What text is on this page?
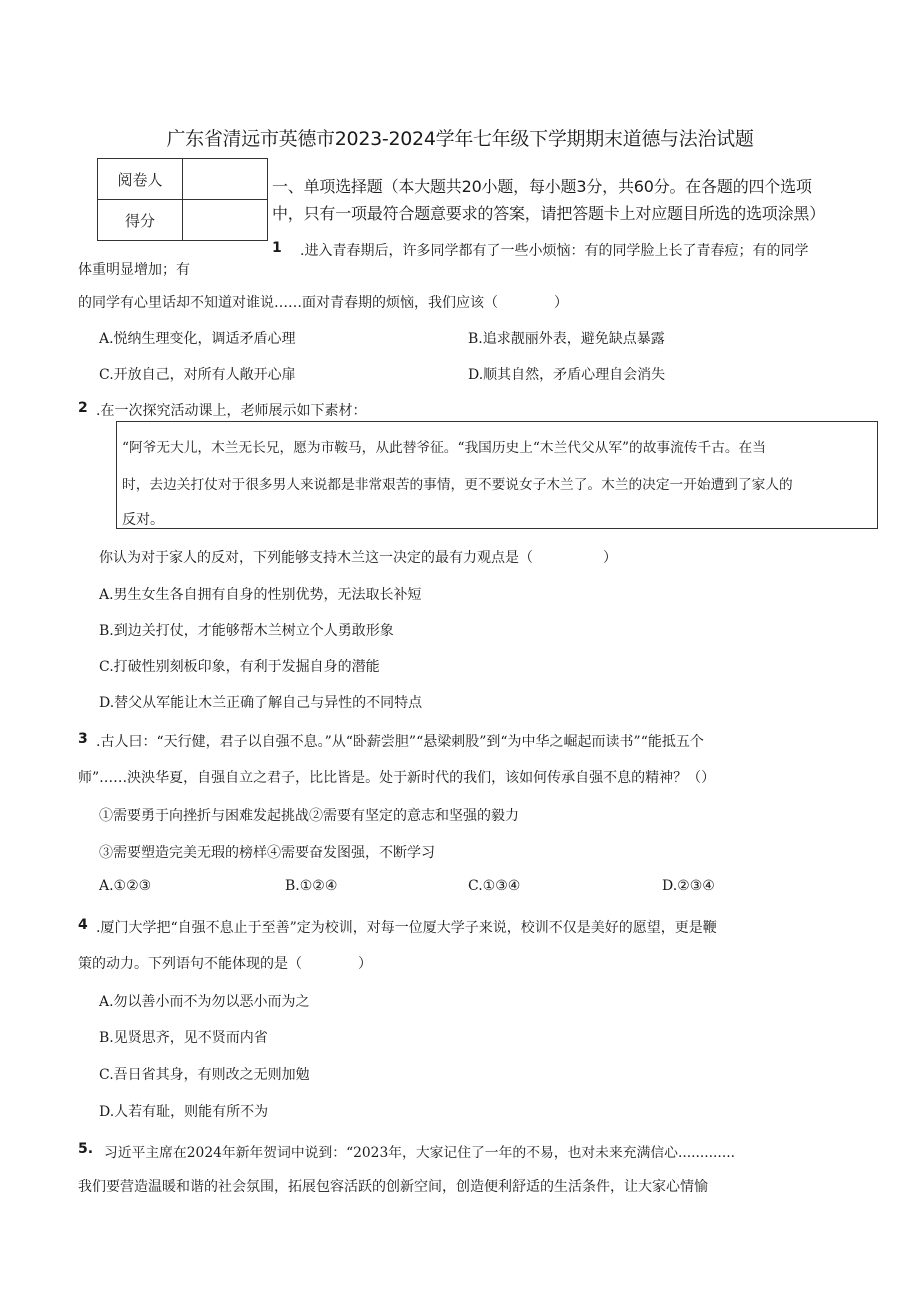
广东省清远市英德市2023-2024学年七年级下学期期末道德与法治试题
阅卷人	
得分	
一、单项选择题（本大题共20小题，每小题3分，共60分。在各题的四个选项
中，只有一项最符合题意要求的答案，请把答题卡上对应题目所选的选项涂黑）
1 .进入青春期后，许多同学都有了一些小烦恼：有的同学脸上长了青春痘；有的同学
体重明显增加；有
的同学有心里话却不知道对谁说……面对青春期的烦恼，我们应该（　　　　）
A.悦纳生理变化，调适矛盾心理	B.追求靓丽外表，避免缺点暴露
C.开放自己，对所有人敞开心扉	D.顺其自然，矛盾心理自会消失
2 .在一次探究活动课上，老师展示如下素材：
“阿爷无大儿，木兰无长兄，愿为市鞍马，从此替爷征。“我国历史上“木兰代父从军”的故事流传千古。在当
时，去边关打仗对于很多男人来说都是非常艰苦的事情，更不要说女子木兰了。木兰的决定一开始遭到了家人的
反对。
你认为对于家人的反对，下列能够支持木兰这一决定的最有力观点是（　　　　　）
A.男生女生各自拥有自身的性别优势，无法取长补短
B.到边关打仗，才能够帮木兰树立个人勇敢形象
C.打破性别刻板印象，有利于发掘自身的潜能
D.替父从军能让木兰正确了解自己与异性的不同特点
3 .古人曰：“天行健，君子以自强不息。”从“卧薪尝胆”“悬梁刺股”到“为中华之崛起而读书”“能抵五个
师”……泱泱华夏，自强自立之君子，比比皆是。处于新时代的我们，该如何传承自强不息的精神？（）
①需要勇于向挫折与困难发起挑战②需要有坚定的意志和坚强的毅力
③需要塑造完美无瑕的榜样④需要奋发图强，不断学习
A.①②③	B.①②④	C.①③④	D.②③④
4 .厦门大学把“自强不息止于至善”定为校训，对每一位厦大学子来说，校训不仅是美好的愿望，更是鞭
策的动力。下列语句不能体现的是（　　　　）
A.勿以善小而不为勿以恶小而为之
B.见贤思齐，见不贤而内省
C.吾日省其身，有则改之无则加勉
D.人若有耻，则能有所不为
5. 习近平主席在2024年新年贺词中说到：“2023年，大家记住了一年的不易，也对未来充满信心.............
我们要营造温暖和谐的社会氛围，拓展包容活跃的创新空间，创造便利舒适的生活条件，让大家心情愉
